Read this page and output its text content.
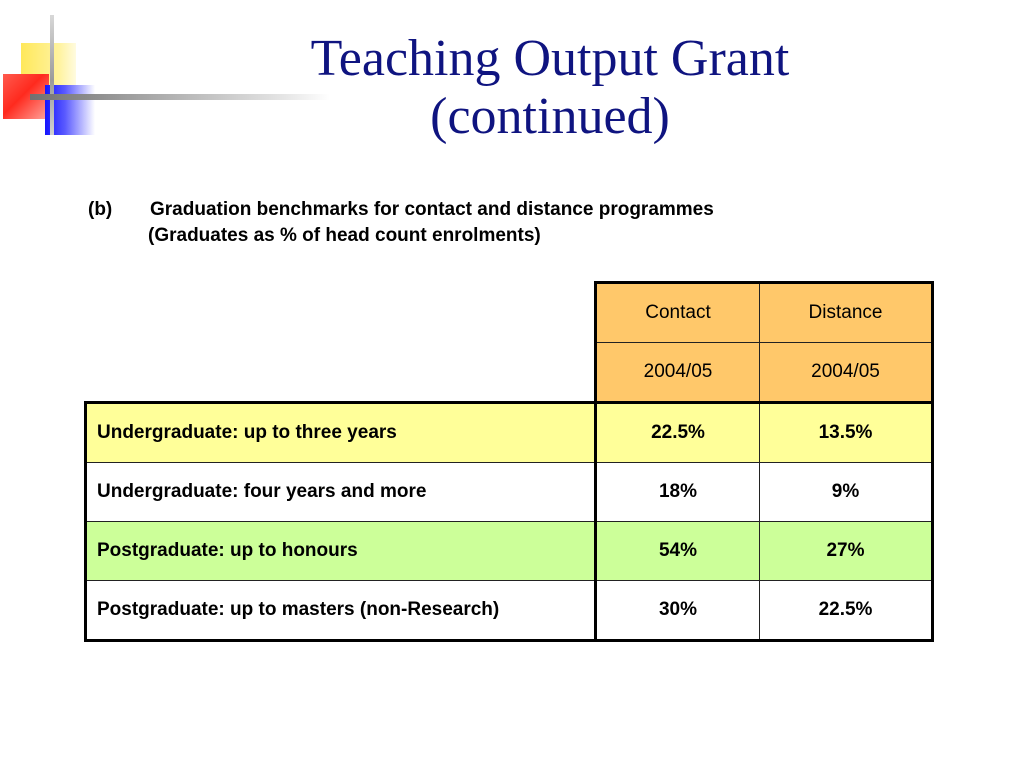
Teaching Output Grant
(continued)
(b)	Graduation benchmarks for contact and distance programmes
(Graduates as % of head count enrolments)
	Contact	Distance
	2004/05	2004/05
Undergraduate: up to three years	22.5%	13.5%
Undergraduate: four years and more	18%	9%
Postgraduate: up to honours	54%	27%
Postgraduate: up to masters (non-Research)	30%	22.5%
